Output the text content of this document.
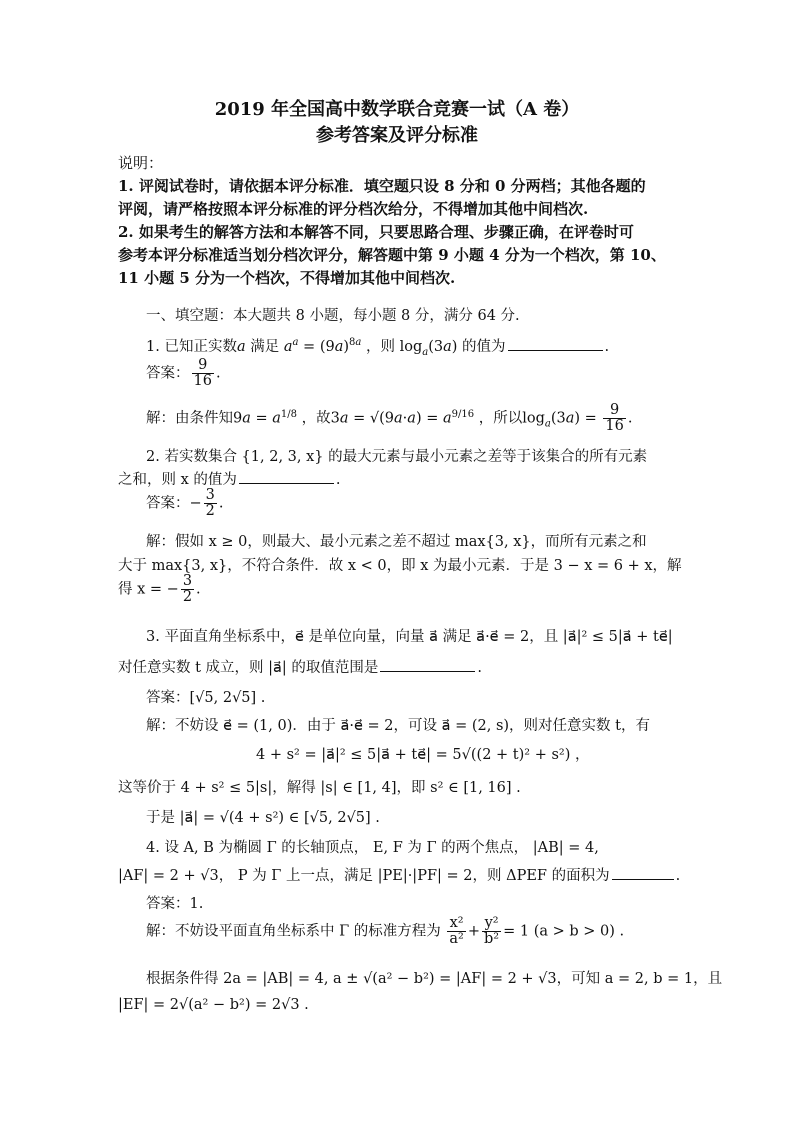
2019 年全国高中数学联合竞赛一试（A 卷）
参考答案及评分标准
说明：
1. 评阅试卷时，请依据本评分标准．填空题只设 8 分和 0 分两档；其他各题的
评阅，请严格按照本评分标准的评分档次给分，不得增加其他中间档次.
2. 如果考生的解答方法和本解答不同，只要思路合理、步骤正确，在评卷时可
参考本评分标准适当划分档次评分，解答题中第 9 小题 4 分为一个档次，第 10、
11 小题 5 分为一个档次，不得增加其他中间档次.
一、填空题：本大题共 8 小题，每小题 8 分，满分 64 分.
1. 已知正实数a 满足 $a^a = (9a)^{8a}$ ，则 $\log_a(3a)$ 的值为	.
答案： $\frac{9}{16}$ .
解：由条件知$9a = a^{1/8}$ ，故$3a = √(9a\cdot a) = a^{9/16}$ ，所以$\log_a(3a) = \frac{9}{16}$ .
2. 若实数集合 {1, 2, 3, x} 的最大元素与最小元素之差等于该集合的所有元素
之和，则 x 的值为	.
答案：− $\frac{3}{2}$ .
解：假如 x ≥ 0，则最大、最小元素之差不超过 max{3, x}，而所有元素之和
大于 max{3, x}，不符合条件．故 x < 0，即 x 为最小元素．于是 3 − x = 6 + x，解
得 x = − $\frac{3}{2}$ .
3. 平面直角坐标系中，e⃗ 是单位向量，向量 a⃗ 满足 a⃗·e⃗ = 2，且 |a⃗|² ≤ 5|a⃗ + te⃗|
对任意实数 t 成立，则 |a⃗| 的取值范围是	.
答案：[√5, 2√5] .
解：不妨设 e⃗ = (1, 0)．由于 a⃗·e⃗ = 2，可设 a⃗ = (2, s)，则对任意实数 t，有
4 + s² = |a⃗|² ≤ 5|a⃗ + te⃗| = 5√((2 + t)² + s²) ，
这等价于 4 + s² ≤ 5|s|，解得 |s| ∈ [1, 4]，即 s² ∈ [1, 16] .
于是 |a⃗| = √(4 + s²) ∈ [√5, 2√5] .
4. 设 A, B 为椭圆 Γ 的长轴顶点， E, F 为 Γ 的两个焦点， |AB| = 4,
|AF| = 2 + √3， P 为 Γ 上一点，满足 |PE|·|PF| = 2，则 ΔPEF 的面积为	.
答案：1.
解：不妨设平面直角坐标系中 Γ 的标准方程为 $\frac{\text{x²}}{\text{a²}} + \frac{\text{y²}}{\text{b²}} = 1$ (a > b > 0) .
根据条件得 2a = |AB| = 4, a ± √(a² − b²) = |AF| = 2 + √3，可知 a = 2, b = 1，且
|EF| = 2√(a² − b²) = 2√3 .
